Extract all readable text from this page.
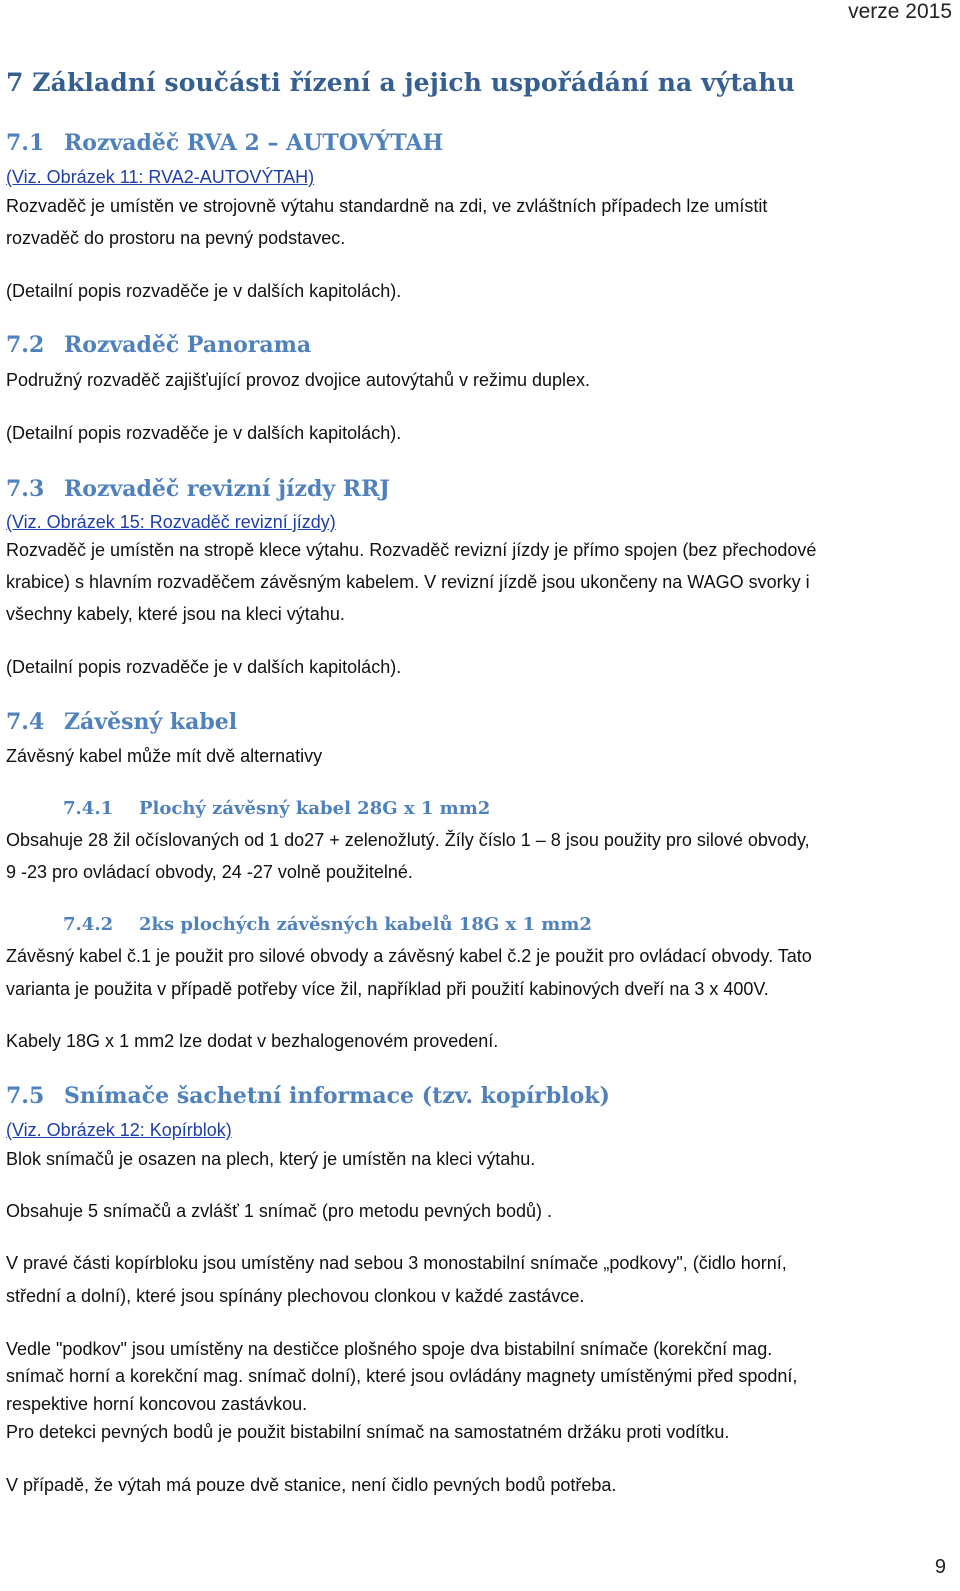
verze 2015
7 Základní součásti řízení a jejich uspořádání na výtahu
7.1 Rozvaděč RVA 2 – AUTOVÝTAH
(Viz. Obrázek 11: RVA2-AUTOVÝTAH)
Rozvaděč je umístěn ve strojovně výtahu standardně na zdi, ve zvláštních případech lze umístit
rozvaděč do prostoru na pevný podstavec.
(Detailní popis rozvaděče je v dalších kapitolách).
7.2 Rozvaděč Panorama
Podružný rozvaděč zajišťující provoz dvojice autovýtahů v režimu duplex.
(Detailní popis rozvaděče je v dalších kapitolách).
7.3 Rozvaděč revizní jízdy RRJ
(Viz. Obrázek 15: Rozvaděč revizní jízdy)
Rozvaděč je umístěn na stropě klece výtahu. Rozvaděč revizní jízdy je přímo spojen (bez přechodové
krabice) s hlavním rozvaděčem závěsným kabelem. V revizní jízdě jsou ukončeny na WAGO svorky i
všechny kabely, které jsou na kleci výtahu.
(Detailní popis rozvaděče je v dalších kapitolách).
7.4 Závěsný kabel
Závěsný kabel může mít dvě alternativy
7.4.1 Plochý závěsný kabel 28G x 1 mm2
Obsahuje 28 žil očíslovaných od 1 do27 + zelenožlutý. Žíly číslo 1 – 8 jsou použity pro silové obvody,
9 -23 pro ovládací obvody, 24 -27 volně použitelné.
7.4.2 2ks plochých závěsných kabelů 18G x 1 mm2
Závěsný kabel č.1 je použit pro silové obvody a závěsný kabel č.2 je použit pro ovládací obvody. Tato
varianta je použita v případě potřeby více žil, například při použití kabinových dveří na 3 x 400V.
Kabely 18G x 1 mm2 lze dodat v bezhalogenovém provedení.
7.5 Snímače šachetní informace (tzv. kopírblok)
(Viz. Obrázek 12: Kopírblok)
Blok snímačů je osazen na plech, který je umístěn na kleci výtahu.
Obsahuje 5 snímačů a zvlášť 1 snímač (pro metodu pevných bodů) .
V pravé části kopírbloku jsou umístěny nad sebou 3 monostabilní snímače „podkovy", (čidlo horní,
střední a dolní), které jsou spínány plechovou clonkou v každé zastávce.
Vedle "podkov" jsou umístěny na destičce plošného spoje dva bistabilní snímače (korekční mag.
snímač horní a korekční mag. snímač dolní), které jsou ovládány magnety umístěnými před spodní,
respektive horní koncovou zastávkou.
Pro detekci pevných bodů je použit bistabilní snímač na samostatném držáku proti vodítku.
V případě, že výtah má pouze dvě stanice, není čidlo pevných bodů potřeba.
9
